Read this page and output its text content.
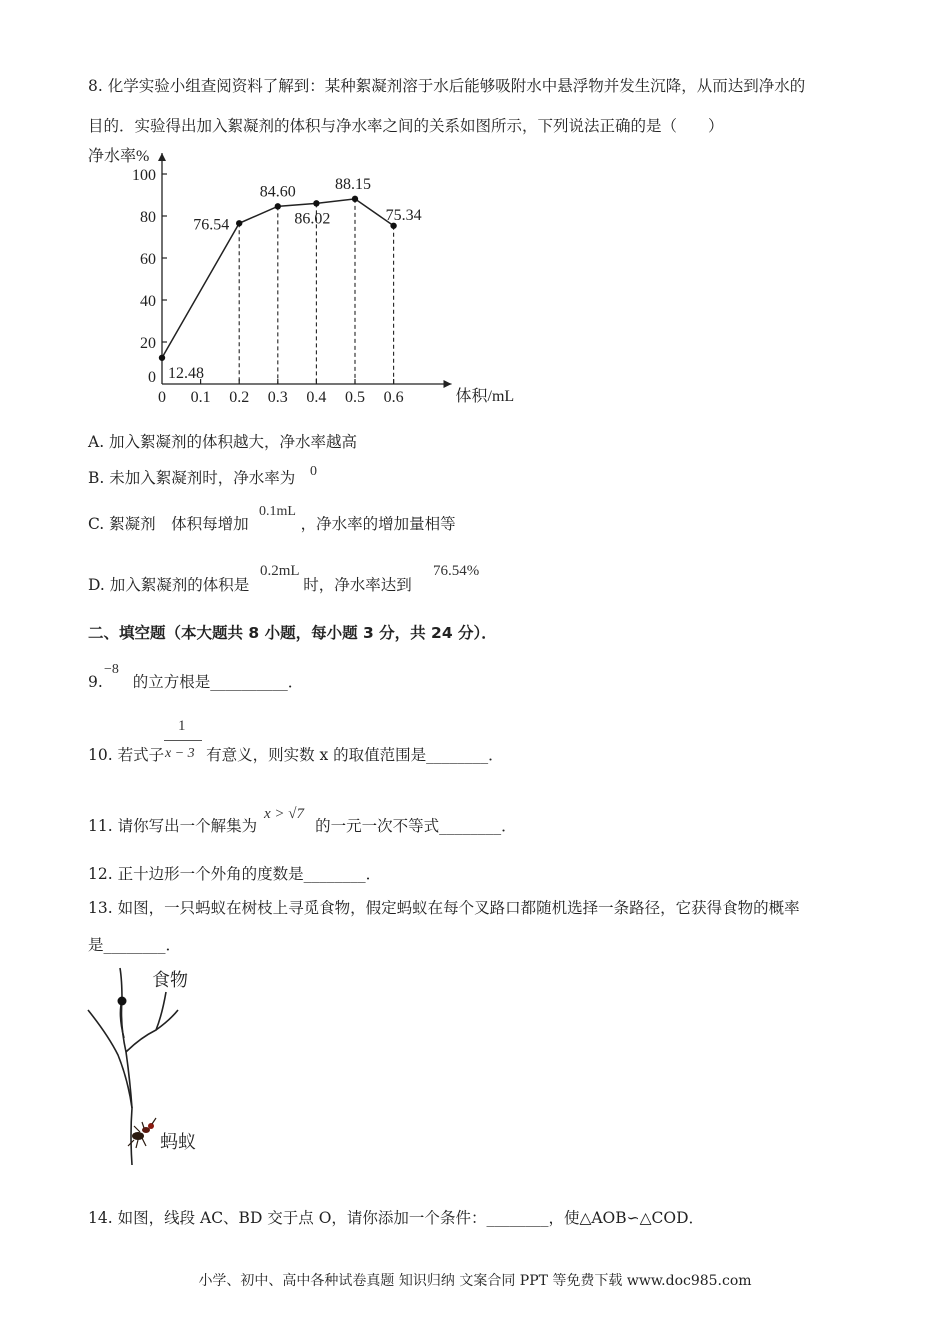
8. 化学实验小组查阅资料了解到：某种絮凝剂溶于水后能够吸附水中悬浮物并发生沉降，从而达到净水的
目的．实验得出加入絮凝剂的体积与净水率之间的关系如图所示，下列说法正确的是（　　）
净水率%
体积/mL
0
20
40
60
80
100
0 0.1 0.2 0.3 0.4 0.5 0.6
12.48
76.54
84.60
86.02
88.15
75.34
A. 加入絮凝剂的体积越大，净水率越高
B. 未加入絮凝剂时，净水率为 0
C. 絮凝剂　体积每增加	，净水率的增加量相等
0.1mL
D. 加入絮凝剂的体积是	时，净水率达到
0.2mL	76.54%
二、填空题（本大题共 8 小题，每小题 3 分，共 24 分）．
9. 的立方根是__________．
−8
10. 若式子	有意义，则实数 x 的取值范围是________．
1
x − 3
11. 请你写出一个解集为	的一元一次不等式________．
x > √7
12. 正十边形一个外角的度数是________．
13. 如图，一只蚂蚁在树枝上寻觅食物，假定蚂蚁在每个叉路口都随机选择一条路径，它获得食物的概率
是________．
食物
蚂蚁
14. 如图，线段 AC、BD 交于点 O，请你添加一个条件：________，使△AOB∽△COD．
小学、初中、高中各种试卷真题 知识归纳 文案合同 PPT 等免费下载 www.doc985.com
